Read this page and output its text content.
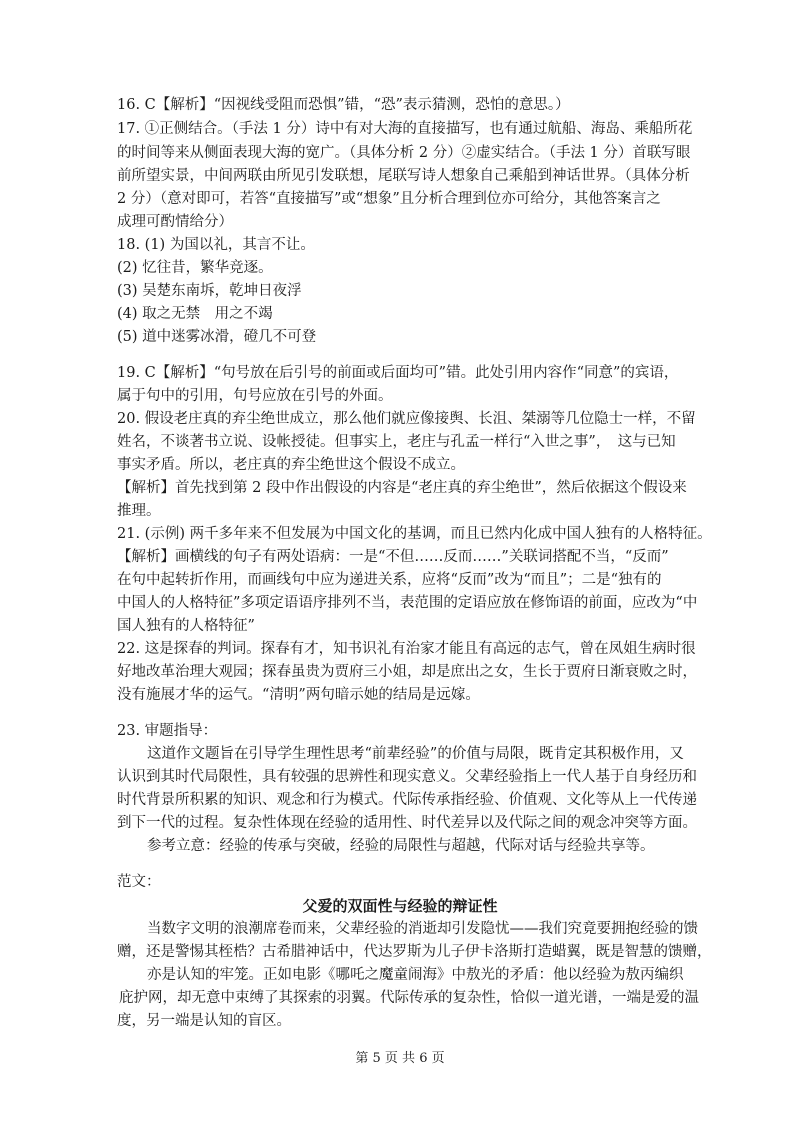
16. C【解析】“因视线受阻而恐惧”错，“恐”表示猜测，恐怕的意思。）
17. ①正侧结合。（手法 1 分）诗中有对大海的直接描写，也有通过航船、海岛、乘船所花
的时间等来从侧面表现大海的宽广。（具体分析 2 分）②虚实结合。（手法 1 分）首联写眼
前所望实景，中间两联由所见引发联想，尾联写诗人想象自己乘船到神话世界。（具体分析
2 分）（意对即可，若答“直接描写”或“想象”且分析合理到位亦可给分，其他答案言之
成理可酌情给分）
18. (1) 为国以礼，其言不让。
(2) 忆往昔，繁华竞逐。
(3) 吴楚东南坼，乾坤日夜浮
(4) 取之无禁　用之不竭
(5) 道中迷雾冰滑，磴几不可登
19. C【解析】“句号放在后引号的前面或后面均可”错。此处引用内容作“同意”的宾语，
属于句中的引用，句号应放在引号的外面。
20. 假设老庄真的弃尘绝世成立，那么他们就应像接舆、长沮、桀溺等几位隐士一样，不留
姓名，不谈著书立说、设帐授徒。但事实上，老庄与孔孟一样行“入世之事”，　这与已知
事实矛盾。所以，老庄真的弃尘绝世这个假设不成立。
【解析】首先找到第 2 段中作出假设的内容是“老庄真的弃尘绝世”，然后依据这个假设来
推理。
21. (示例) 两千多年来不但发展为中国文化的基调，而且已然内化成中国人独有的人格特征。
【解析】画横线的句子有两处语病：一是“不但……反而……”关联词搭配不当，“反而”
在句中起转折作用，而画线句中应为递进关系，应将“反而”改为“而且”；二是“独有的
中国人的人格特征”多项定语语序排列不当，表范围的定语应放在修饰语的前面，应改为“中
国人独有的人格特征”
22. 这是探春的判词。探春有才，知书识礼有治家才能且有高远的志气，曾在凤姐生病时很
好地改革治理大观园；探春虽贵为贾府三小姐，却是庶出之女，生长于贾府日渐衰败之时，
没有施展才华的运气。“清明”两句暗示她的结局是远嫁。
23. 审题指导：
这道作文题旨在引导学生理性思考“前辈经验”的价值与局限，既肯定其积极作用，又
认识到其时代局限性，具有较强的思辨性和现实意义。父辈经验指上一代人基于自身经历和
时代背景所积累的知识、观念和行为模式。代际传承指经验、价值观、文化等从上一代传递
到下一代的过程。复杂性体现在经验的适用性、时代差异以及代际之间的观念冲突等方面。
参考立意：经验的传承与突破，经验的局限性与超越，代际对话与经验共享等。
范文：
父爱的双面性与经验的辩证性
当数字文明的浪潮席卷而来，父辈经验的消逝却引发隐忧——我们究竟要拥抱经验的馈
赠，还是警惕其桎梏？古希腊神话中，代达罗斯为儿子伊卡洛斯打造蜡翼，既是智慧的馈赠，
亦是认知的牢笼。正如电影《哪吒之魔童闹海》中敖光的矛盾：他以经验为敖丙编织
庇护网，却无意中束缚了其探索的羽翼。代际传承的复杂性，恰似一道光谱，一端是爱的温
度，另一端是认知的盲区。
第 5 页 共 6 页
